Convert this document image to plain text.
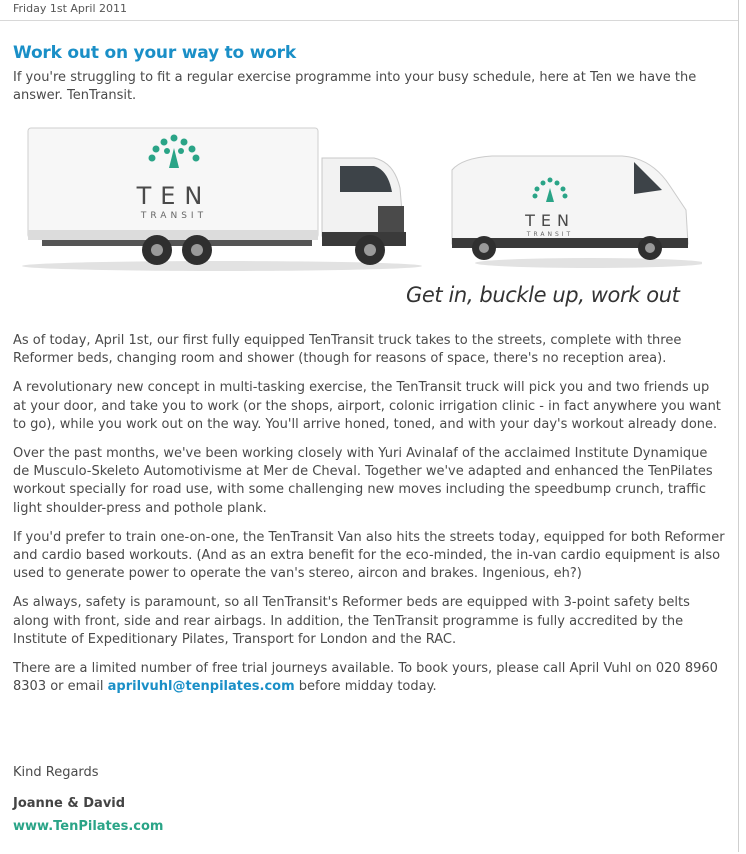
Friday 1st April 2011
Work out on your way to work

If you're struggling to fit a regular exercise programme into your busy schedule, here at Ten we have the answer. TenTransit.

TEN
TRANSIT	TEN
TRANSIT
Get in, buckle up, work out

As of today, April 1st, our first fully equipped TenTransit truck takes to the streets, complete with three Reformer beds, changing room and shower (though for reasons of space, there's no reception area).

A revolutionary new concept in multi-tasking exercise, the TenTransit truck will pick you and two friends up at your door, and take you to work (or the shops, airport, colonic irrigation clinic - in fact anywhere you want to go), while you work out on the way. You'll arrive honed, toned, and with your day's workout already done.

Over the past months, we've been working closely with Yuri Avinalaf of the acclaimed Institute Dynamique de Musculo-Skeleto Automotivisme at Mer de Cheval. Together we've adapted and enhanced the TenPilates workout specially for road use, with some challenging new moves including the speedbump crunch, traffic light shoulder-press and pothole plank.

If you'd prefer to train one-on-one, the TenTransit Van also hits the streets today, equipped for both Reformer and cardio based workouts. (And as an extra benefit for the eco-minded, the in-van cardio equipment is also used to generate power to operate the van's stereo, aircon and brakes. Ingenious, eh?)

As always, safety is paramount, so all TenTransit's Reformer beds are equipped with 3-point safety belts along with front, side and rear airbags. In addition, the TenTransit programme is fully accredited by the Institute of Expeditionary Pilates, Transport for London and the RAC.

There are a limited number of free trial journeys available. To book yours, please call April Vuhl on 020 8960 8303 or email aprilvuhl@tenpilates.com before midday today.

Kind Regards
Joanne & David
www.TenPilates.com
